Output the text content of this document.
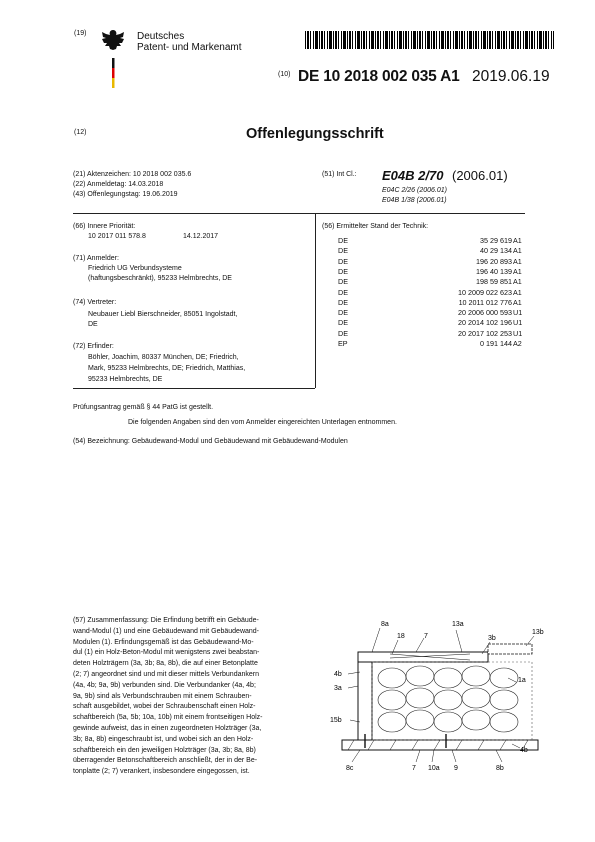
(19)	Deutsches
Patent- und Markenamt
(10) DE 10 2018 002 035 A1 2019.06.19
(12)	Offenlegungsschrift
(21) Aktenzeichen: 10 2018 002 035.6
(22) Anmeldetag: 14.03.2018
(43) Offenlegungstag: 19.06.2019
(51) Int Cl.: E04B 2/70 (2006.01)
E04C 2/26 (2006.01)
E04B 1/38 (2006.01)
(66) Innere Priorität:
10 2017 011 578.8	14.12.2017
(71) Anmelder:
Friedrich UG Verbundsysteme
(haftungsbeschränkt), 95233 Helmbrechts, DE
(74) Vertreter:
Neubauer Liebl Bierschneider, 85051 Ingolstadt,
DE
(72) Erfinder:
Böhler, Joachim, 80337 München, DE; Friedrich,
Mark, 95233 Helmbrechts, DE; Friedrich, Matthias,
95233 Helmbrechts, DE
(56) Ermittelter Stand der Technik:
DE	35 29 619 A1
DE	40 29 134 A1
DE	196 20 893 A1
DE	196 40 139 A1
DE	198 59 851 A1
DE	10 2009 022 623 A1
DE	10 2011 012 776 A1
DE	20 2006 000 593 U1
DE	20 2014 102 196 U1
DE	20 2017 102 253 U1
EP	0 191 144 A2
Prüfungsantrag gemäß § 44 PatG ist gestellt.
Die folgenden Angaben sind den vom Anmelder eingereichten Unterlagen entnommen.
(54) Bezeichnung: Gebäudewand-Modul und Gebäudewand mit Gebäudewand-Modulen
(57) Zusammenfassung: Die Erfindung betrifft ein Gebäude-
wand-Modul (1) und eine Gebäudewand mit Gebäudewand-
Modulen (1). Erfindungsgemäß ist das Gebäudewand-Mo-
dul (1) ein Holz-Beton-Modul mit wenigstens zwei beabstan-
deten Holzträgern (3a, 3b; 8a, 8b), die auf einer Betonplatte
(2; 7) angeordnet sind und mit dieser mittels Verbundankern
(4a, 4b; 9a, 9b) verbunden sind. Die Verbundanker (4a, 4b;
9a, 9b) sind als Verbundschrauben mit einem Schrauben-
schaft ausgebildet, wobei der Schraubenschaft einen Holz-
schaftbereich (5a, 5b; 10a, 10b) mit einem frontseitigen Holz-
gewinde aufweist, das in einen zugeordneten Holzträger (3a,
3b; 8a, 8b) eingeschraubt ist, und wobei sich an den Holz-
schaftbereich ein den jeweiligen Holzträger (3a, 3b; 8a, 8b)
überragender Betonschaftbereich anschließt, der in der Be-
tonplatte (2; 7) verankert, insbesondere eingegossen, ist.
8a
18	7
13a
3b
13b
4b
3a
1a
15b
4b
8c	7 10a 9	8b
